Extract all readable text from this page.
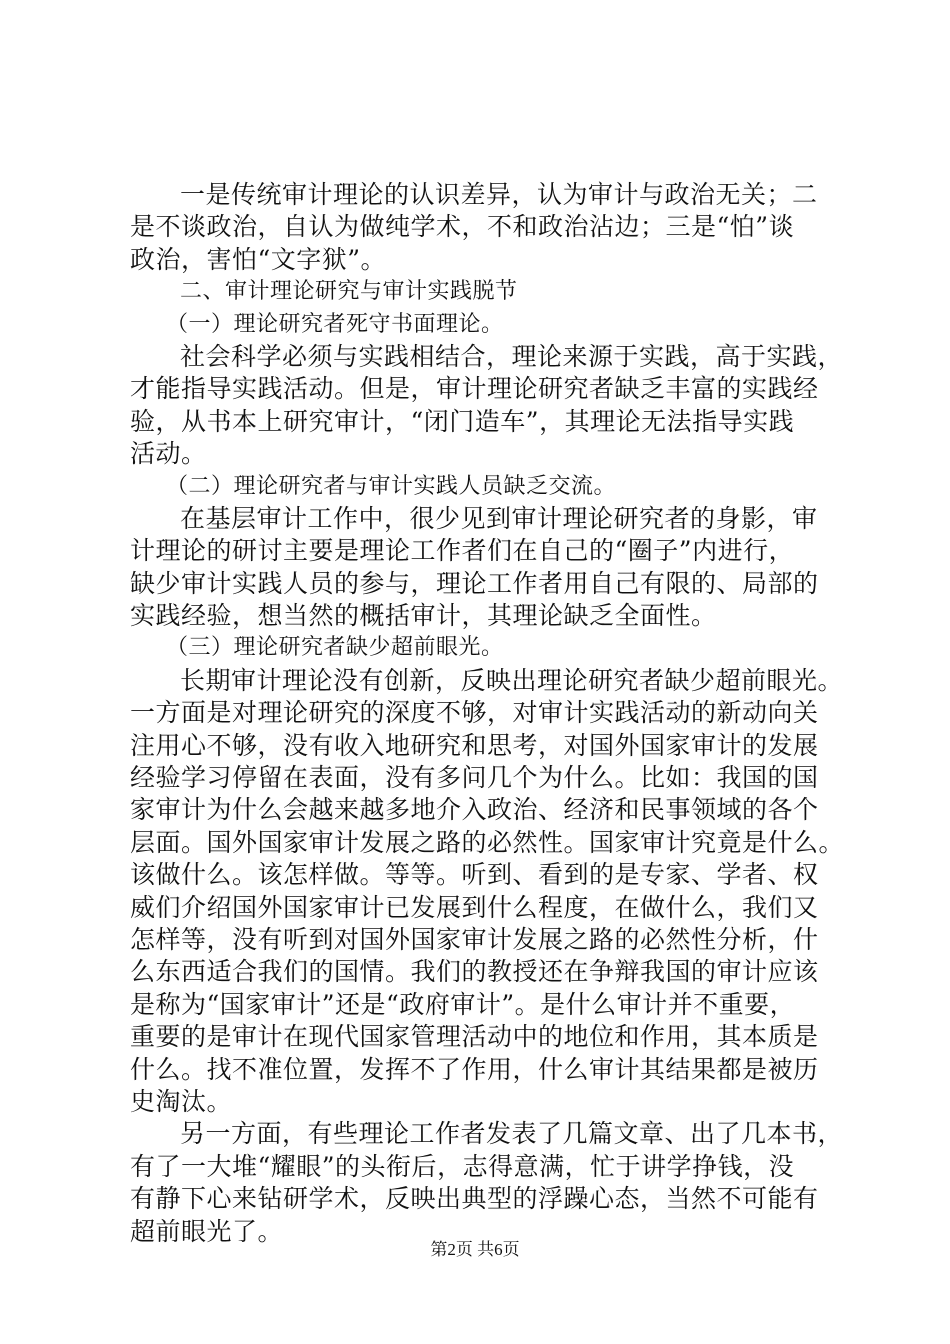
一是传统审计理论的认识差异，认为审计与政治无关；二
是不谈政治，自认为做纯学术，不和政治沾边；三是“怕”谈
政治，害怕“文字狱”。
二、审计理论研究与审计实践脱节
（一）理论研究者死守书面理论。
社会科学必须与实践相结合，理论来源于实践，高于实践，
才能指导实践活动。但是，审计理论研究者缺乏丰富的实践经
验，从书本上研究审计，“闭门造车”，其理论无法指导实践
活动。
（二）理论研究者与审计实践人员缺乏交流。
在基层审计工作中，很少见到审计理论研究者的身影，审
计理论的研讨主要是理论工作者们在自己的“圈子”内进行，
缺少审计实践人员的参与，理论工作者用自己有限的、局部的
实践经验，想当然的概括审计，其理论缺乏全面性。
（三）理论研究者缺少超前眼光。
长期审计理论没有创新，反映出理论研究者缺少超前眼光。
一方面是对理论研究的深度不够，对审计实践活动的新动向关
注用心不够，没有收入地研究和思考，对国外国家审计的发展
经验学习停留在表面，没有多问几个为什么。比如：我国的国
家审计为什么会越来越多地介入政治、经济和民事领域的各个
层面。国外国家审计发展之路的必然性。国家审计究竟是什么。
该做什么。该怎样做。等等。听到、看到的是专家、学者、权
威们介绍国外国家审计已发展到什么程度，在做什么，我们又
怎样等，没有听到对国外国家审计发展之路的必然性分析，什
么东西适合我们的国情。我们的教授还在争辩我国的审计应该
是称为“国家审计”还是“政府审计”。是什么审计并不重要，
重要的是审计在现代国家管理活动中的地位和作用，其本质是
什么。找不准位置，发挥不了作用，什么审计其结果都是被历
史淘汰。
另一方面，有些理论工作者发表了几篇文章、出了几本书，
有了一大堆“耀眼”的头衔后，志得意满，忙于讲学挣钱，没
有静下心来钻研学术，反映出典型的浮躁心态，当然不可能有
超前眼光了。
第2页 共6页
